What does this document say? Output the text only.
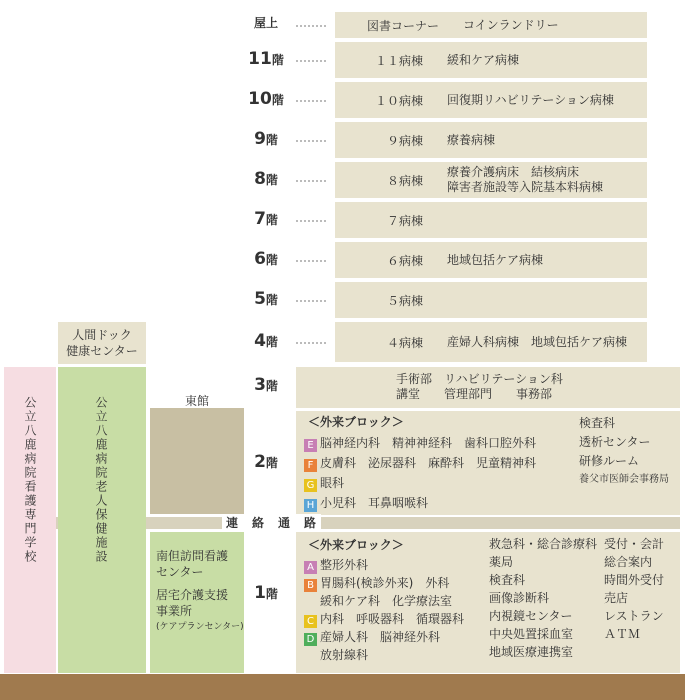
屋上	図書コーナー	コインランドリー
11階	１１病棟	緩和ケア病棟
10階	１０病棟	回復期リハビリテーション病棟
9階	９病棟	療養病棟
8階	８病棟
療養介護病床　結核病床
障害者施設等入院基本料病棟
7階	７病棟
6階	６病棟	地域包括ケア病棟
5階	５病棟
4階	４病棟	産婦人科病棟　地域包括ケア病棟
3階	手術部　リハビリテーション科
講堂　　管理部門　　事務部
2階
＜外来ブロック＞
E 脳神経内科　精神神経科　歯科口腔外科
F 皮膚科　泌尿器科　麻酔科　児童精神科
G 眼科
H 小児科　耳鼻咽喉科
検査科
透析センター
研修ルーム
養父市医師会事務局
連　絡　通　路
1階
＜外来ブロック＞
A 整形外科
B 胃腸科(検診外来)　外科
緩和ケア科　化学療法室
C 内科　呼吸器科　循環器科
D 産婦人科　脳神経外科
放射線科
救急科・総合診療科
薬局
検査科
画像診断科
内視鏡センター
中央処置採血室
地域医療連携室
受付・会計
総合案内
時間外受付
売店
レストラン
ＡＴＭ
東館
南但訪問看護
センター
居宅介護支援
事業所
(ケアプランセンター)
人間ドック
健康センター
公立八鹿病院老人保健施設
公立八鹿病院看護専門学校
